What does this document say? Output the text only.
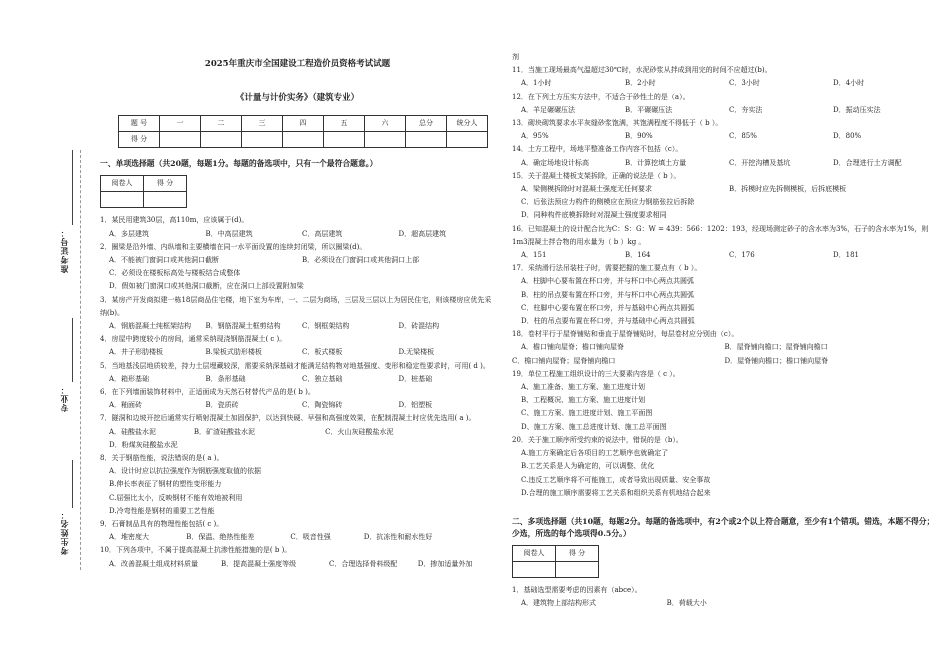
准考证号：
专业：
考生姓名：
2025年重庆市全国建设工程造价员资格考试试题
《计量与计价实务》（建筑专业）
题 号	一	二	三	四	五	六	总分	统分人
得 分								
一、单项选择题（共20题，每题1分。每题的备选项中，只有一个最符合题意。）
阅卷人	得 分

1．某民用建筑30层，高110m，应该属于(d)。
A．多层建筑	B．中高层建筑	C．高层建筑	D．超高层建筑
2．圈梁是沿外墙、内纵墙和主要横墙在同一水平面设置的连续封闭梁，所以圈梁(d)。
A．不能被门窗洞口或其他洞口截断	B．必须设在门窗洞口或其他洞口上部
C．必须设在楼板标高处与楼板结合成整体
D．假如被门窗洞口或其他洞口截断，应在洞口上部设置附加梁
3．某房产开发商拟建一栋18层商品住宅楼，地下室为车库，一、二层为商场，三层及三层以上为居民住宅，则该楼房应优先采纳(b)。
A．钢筋混凝土纯框架结构	B．钢筋混凝土框剪结构	C．钢框架结构	D．砖混结构
4．房屋中跨度较小的房间，通常采纳现浇钢筋混凝土( c )。
A．井子形肋楼板	B.梁板式肋形楼板	C．板式楼板	D.无梁楼板
5．当地基浅层地质较差，持力土层埋藏较深，需要采纳深基础才能满足结构物对地基强度、变形和稳定性要求时，可用( d )。
A．箱形基础	B．条形基础	C．独立基础	D．桩基础
6．在下列墙面装饰材料中，正适面成为天然石材替代产品的是( b )。
A．釉面砖	B．瓷质砖	C．陶瓷锦砖	D．铝塑板
7．隧洞和边坡开挖后通常实行喷射混凝土加固保护，以达到快硬、早强和高强度效果，在配制混凝土时应优先选用( a )。
A．硅酸盐水泥	B．矿渣硅酸盐水泥	C．火山灰硅酸盐水泥
D．粉煤灰硅酸盐水泥
8．关于钢筋性能，说法错误的是( a )。
A．设计时应以抗拉强度作为钢筋强度取值的依据
B.伸长率表征了钢材的塑性变形能力
C.屈强比太小，反映钢材不能有效地被利用
D.冷弯性能是钢材的重要工艺性能
9．石膏制品具有的物理性能包括( c )。
A．堆密度大	B．保温、绝热性能差	C．吸音性强	D．抗冻性和耐水性好
10．下列各项中，不属于提高混凝土抗渗性能措施的是( b )。
A．改善混凝土组成材料质量	B．提高混凝土强度等级	C．合理选择骨料级配	D．掺加适量外加
剂
11．当施工现场最高气温超过30℃时，水泥砂浆从拌成到用完的时间不应超过(b)。
A．1小时	B．2小时	C．3小时	D．4小时
12．在下列土方压实方法中，不适合于砂性土的是（a）。
A．羊足碾碾压法	B．平碾碾压法	C．夯实法	D．振动压实法
13．砌块砌筑要求水平灰缝砂浆饱满，其饱满程度不得低于（ b ）。
A．95%	B．90%	C．85%	D．80%
14．土方工程中，场地平整准备工作内容不包括（c）。
A．确定场地设计标高	B．计算挖填土方量	C．开挖沟槽及基坑	D．合理进行土方调配
15．关于混凝土楼板支架拆除，正确的说法是（ b ）。
A．梁侧模拆除时对混凝土强度无任何要求	B．拆模时应先拆侧模板，后拆底模板
C．后张法预应力构件的侧模应在预应力钢筋张拉后拆除
D．同种构件底模拆除时对混凝土强度要求相同
16．已知混凝土的设计配合比为C：S：G：W = 439：566：1202：193，经现场测定砂子的含水率为3%，石子的含水率为1%，则1m3混凝土拌合物的用水量为（ b ）kg 。
A．151	B．164	C．176	D．181
17．采纳滑行法吊装柱子时，需要把握的施工要点有（ b ）。
A．柱脚中心要布置在杯口旁，并与杯口中心两点共圆弧
B．柱的吊点要布置在杯口旁，并与杯口中心两点共圆弧
C．柱脚中心要布置在杯口旁，并与基础中心两点共圆弧
D．柱的吊点要布置在杯口旁，并与基础中心两点共圆弧
18．卷材平行于屋脊铺贴和垂直于屋脊铺贴时，每层卷材应分别由（c）。
A．檐口铺向屋脊；檐口铺向屋脊	B．屋脊铺向檐口；屋脊铺向檐口
C．檐口铺向屋脊；屋脊铺向檐口	D．屋脊铺向檐口；檐口铺向屋脊
19．单位工程施工组织设计的三大要素内容是（ c ）。
A、施工准备、施工方案、施工进度计划
B、工程概况、施工方案、施工进度计划
C、施工方案、施工进度计划、施工平面图
D、施工方案、施工总进度计划、施工总平面图
20．关于施工顺序所受约束的说法中，错误的是（b）。
A.施工方案确定后各项目的工艺顺序也就确定了
B.工艺关系是人为确定的，可以调整、优化
C.违反工艺顺序将不可能施工，或者导致出现质量、安全事故
D.合理的施工顺序需要将工艺关系和组织关系有机地结合起来
二、多项选择题（共10题，每题2分。每题的备选项中，有2个或2个以上符合题意，至少有1个错项。错选，本题不得分；少选，所选的每个选项得0.5分。）
阅卷人	得 分

1．基础选型需要考虑的因素有（abce）。
A．建筑物上部结构形式	B．荷载大小
